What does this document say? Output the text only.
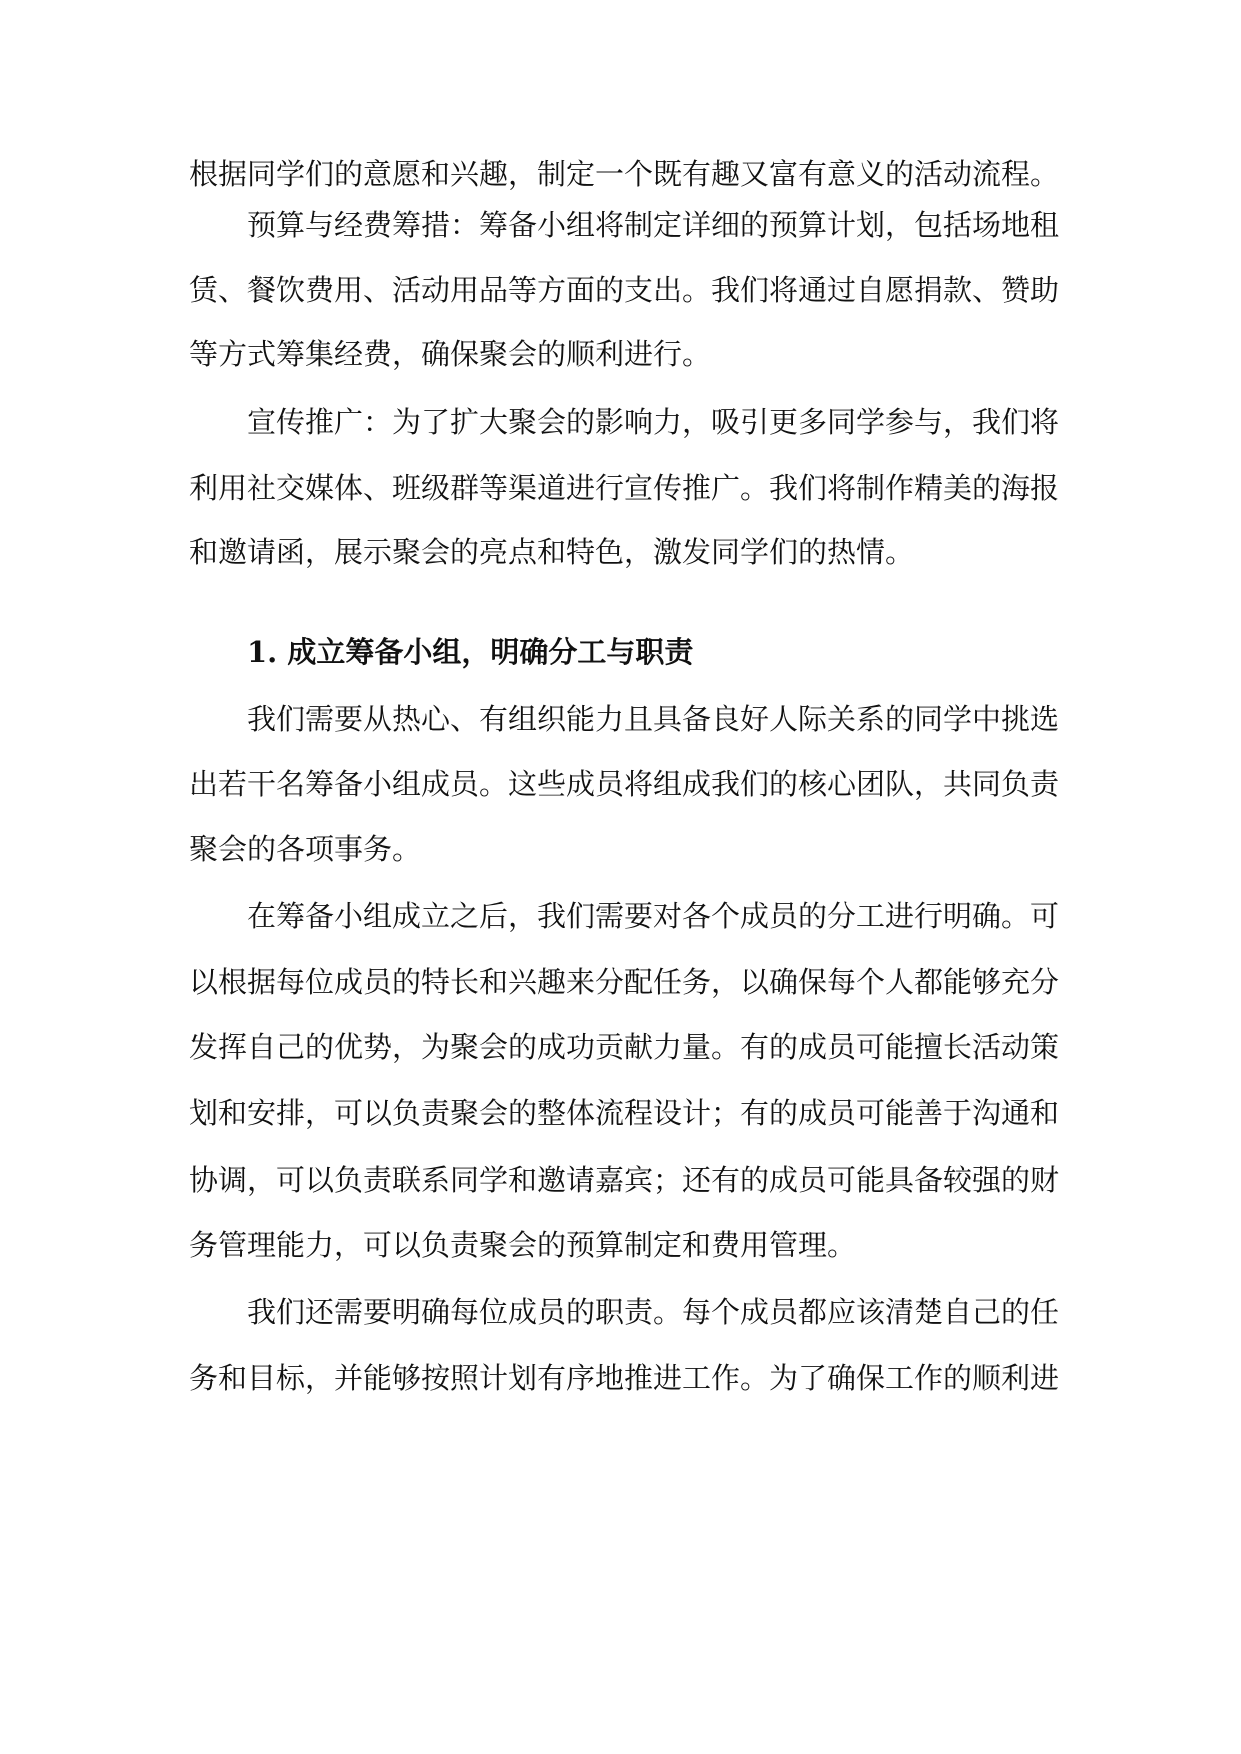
根据同学们的意愿和兴趣，制定一个既有趣又富有意义的活动流程。
预算与经费筹措：筹备小组将制定详细的预算计划，包括场地租
赁、餐饮费用、活动用品等方面的支出。我们将通过自愿捐款、赞助
等方式筹集经费，确保聚会的顺利进行。
宣传推广：为了扩大聚会的影响力，吸引更多同学参与，我们将
利用社交媒体、班级群等渠道进行宣传推广。我们将制作精美的海报
和邀请函，展示聚会的亮点和特色，激发同学们的热情。
1. 成立筹备小组，明确分工与职责
我们需要从热心、有组织能力且具备良好人际关系的同学中挑选
出若干名筹备小组成员。这些成员将组成我们的核心团队，共同负责
聚会的各项事务。
在筹备小组成立之后，我们需要对各个成员的分工进行明确。可
以根据每位成员的特长和兴趣来分配任务，以确保每个人都能够充分
发挥自己的优势，为聚会的成功贡献力量。有的成员可能擅长活动策
划和安排，可以负责聚会的整体流程设计；有的成员可能善于沟通和
协调，可以负责联系同学和邀请嘉宾；还有的成员可能具备较强的财
务管理能力，可以负责聚会的预算制定和费用管理。
我们还需要明确每位成员的职责。每个成员都应该清楚自己的任
务和目标，并能够按照计划有序地推进工作。为了确保工作的顺利进
